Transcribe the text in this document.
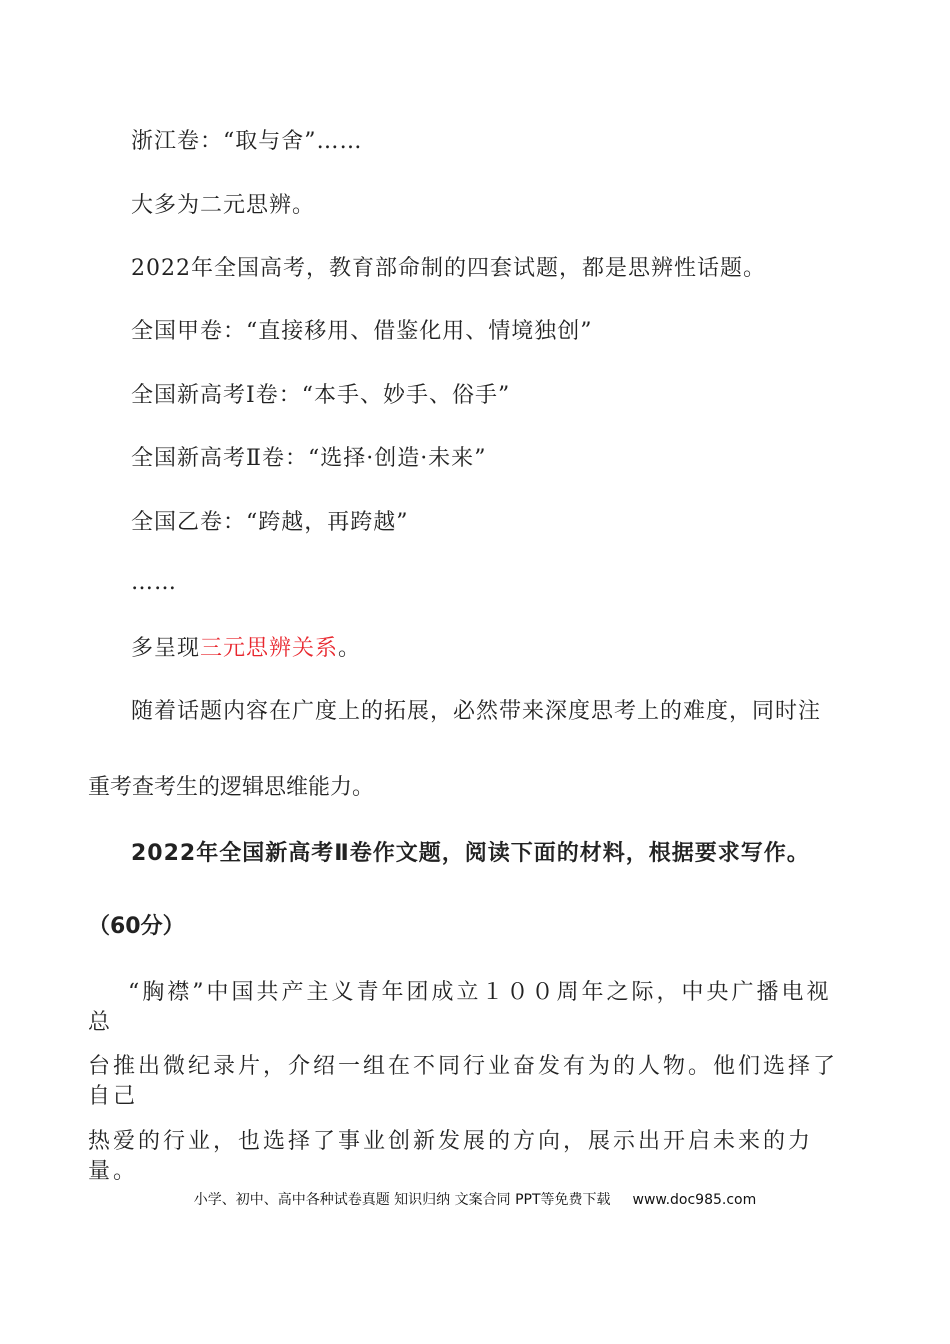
浙江卷：“取与舍”……
大多为二元思辨。
2022年全国高考，教育部命制的四套试题，都是思辨性话题。
全国甲卷：“直接移用、借鉴化用、情境独创”
全国新高考Ⅰ卷：“本手、妙手、俗手”
全国新高考Ⅱ卷：“选择·创造·未来”
全国乙卷：“跨越，再跨越”
……
多呈现三元思辨关系。
随着话题内容在广度上的拓展，必然带来深度思考上的难度，同时注
重考查考生的逻辑思维能力。
2022年全国新高考Ⅱ卷作文题，阅读下面的材料，根据要求写作。
（60分）
“胸襟”中国共产主义青年团成立１００周年之际，中央广播电视总
台推出微纪录片，介绍一组在不同行业奋发有为的人物。他们选择了自己
热爱的行业，也选择了事业创新发展的方向，展示出开启未来的力量。
小学、初中、高中各种试卷真题 知识归纳 文案合同 PPT等免费下载 www.doc985.com
